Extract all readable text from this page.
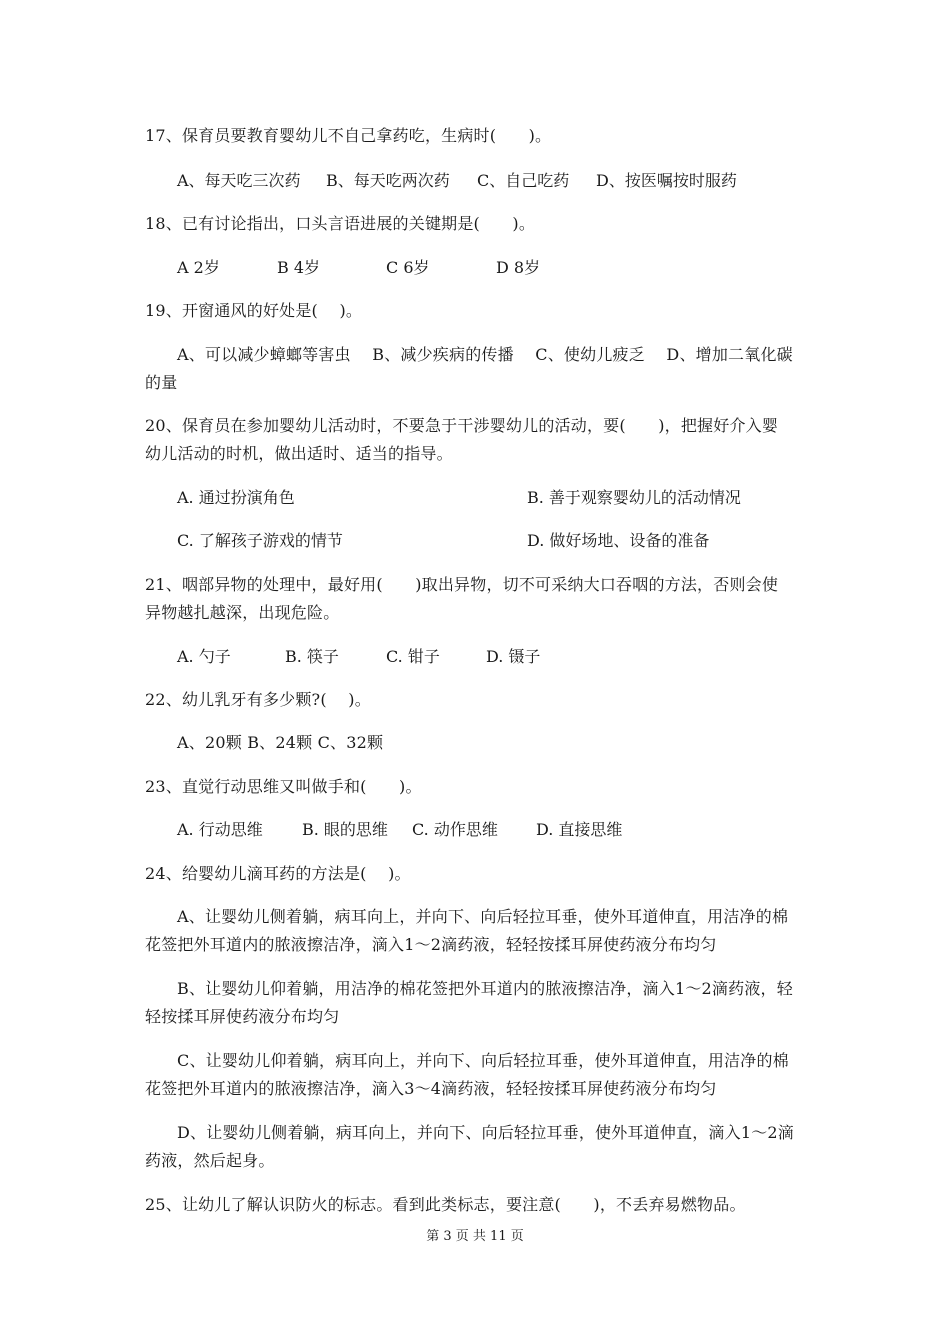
17、保育员要教育婴幼儿不自己拿药吃，生病时(　　)。
A、每天吃三次药 B、每天吃两次药 C、自己吃药 D、按医嘱按时服药
18、已有讨论指出，口头言语进展的关键期是(　　)。
A 2岁	B 4岁	C 6岁	D 8岁
19、开窗通风的好处是(　 )。
A、可以减少蟑螂等害虫　 B、减少疾病的传播　 C、使幼儿疲乏　 D、增加二氧化碳
的量
20、保育员在参加婴幼儿活动时，不要急于干涉婴幼儿的活动，要(　　)，把握好介入婴
幼儿活动的时机，做出适时、适当的指导。
A. 通过扮演角色	B. 善于观察婴幼儿的活动情况
C. 了解孩子游戏的情节	D. 做好场地、设备的准备
21、咽部异物的处理中，最好用(　　)取出异物，切不可采纳大口吞咽的方法，否则会使
异物越扎越深，出现危险。
A. 勺子	B. 筷子	C. 钳子	D. 镊子
22、幼儿乳牙有多少颗?(　 )。
A、20颗 B、24颗 C、32颗
23、直觉行动思维又叫做手和(　　)。
A. 行动思维 B. 眼的思维 C. 动作思维 D. 直接思维
24、给婴幼儿滴耳药的方法是(　 )。
A、让婴幼儿侧着躺，病耳向上，并向下、向后轻拉耳垂，使外耳道伸直，用洁净的棉
花签把外耳道内的脓液擦洁净，滴入1～2滴药液，轻轻按揉耳屏使药液分布均匀
B、让婴幼儿仰着躺，用洁净的棉花签把外耳道内的脓液擦洁净，滴入1～2滴药液，轻
轻按揉耳屏使药液分布均匀
C、让婴幼儿仰着躺，病耳向上，并向下、向后轻拉耳垂，使外耳道伸直，用洁净的棉
花签把外耳道内的脓液擦洁净，滴入3～4滴药液，轻轻按揉耳屏使药液分布均匀
D、让婴幼儿侧着躺，病耳向上，并向下、向后轻拉耳垂，使外耳道伸直，滴入1～2滴
药液，然后起身。
25、让幼儿了解认识防火的标志。看到此类标志，要注意(　　)，不丢弃易燃物品。
第 3 页 共 11 页
